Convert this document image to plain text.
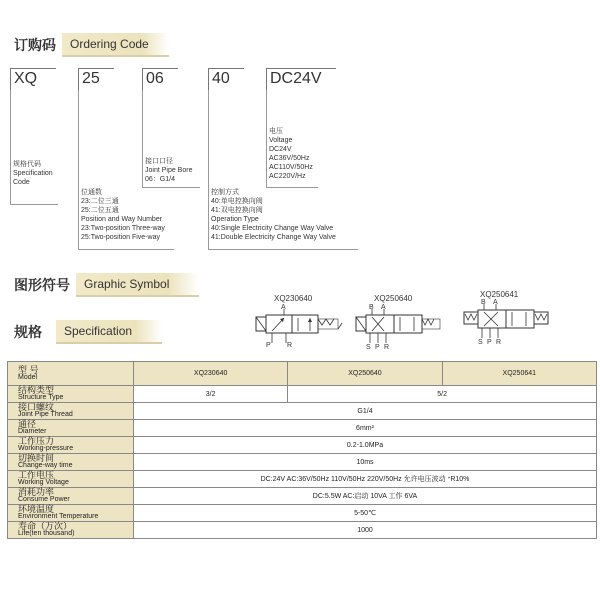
订购码	Ordering Code
XQ	25	06	40	DC24V
规格代码
Specification
Code
位通数
23:二位三通
25:二位五通
Position and Way Number
23:Two-position Three-way
25:Two-position Five-way
接口口径
Joint Pipe Bore
06：G1/4
控制方式
40:单电控换向阀
41:双电控换向阀
Operation Type
40:Single Electricity Change Way Valve
41:Double Electricity Change Way Valve
电压
Voltage
DC24V
AC36V/50Hz
AC110V/50Hz
AC220V/Hz
图形符号	Graphic Symbol
规格	Specification
XQ230640	XQ250640	XQ250641
A
P R
B A
S P R
B A
S P R
型 号
Model	XQ230640	XQ250640	XQ250641

结构类型
Structure Type	3/2	5/2	

接口螺纹
Joint Pipe Thread	G1/4		

通径
Diameter	6mm²		

工作压力
Working-pressure	0.2-1.0MPa		

切换时间
Change-way time	10ms		

工作电压
Working Voltage	DC:24V AC:36V/50Hz 110V/50Hz 220V/50Hz 允许电压波动 ᐩR10%		

消耗功率
Consume Power	DC:5.5W AC:启动 10VA 工作 6VA		

环境温度
Environment Temperature	5-50℃		

寿命（万次）
Life(ten thousand)	1000		
